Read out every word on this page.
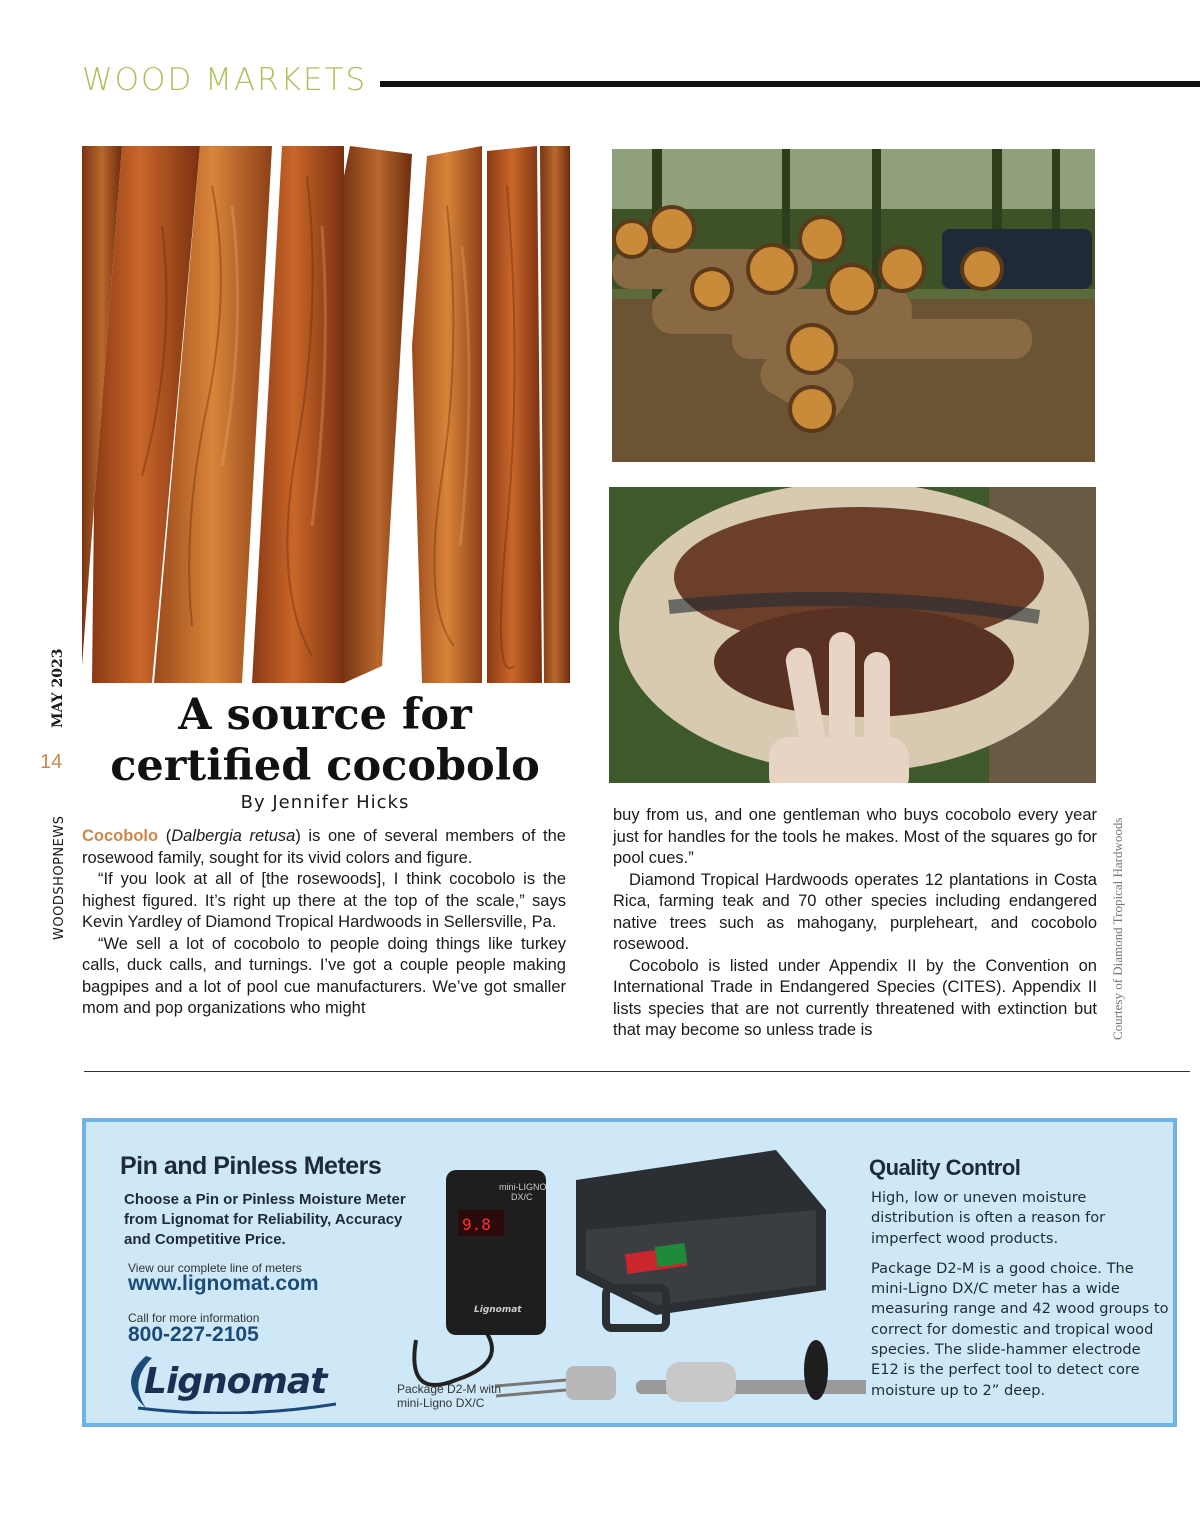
WOOD MARKETS
MAY 2023
14
WOODSHOPNEWS	Courtesy of Diamond Tropical Hardwoods
A source for
certified cocobolo
By Jennifer Hicks

Cocobolo (Dalbergia retusa) is one of several members of the rosewood family, sought for its vivid colors and figure.

“If you look at all of [the rosewoods], I think cocobolo is the highest figured. It’s right up there at the top of the scale,” says Kevin Yardley of Diamond Tropical Hardwoods in Sellersville, Pa.

“We sell a lot of cocobolo to people doing things like turkey calls, duck calls, and turnings. I’ve got a couple people making bagpipes and a lot of pool cue manufacturers. We’ve got smaller mom and pop organizations who might

buy from us, and one gentleman who buys cocobolo every year just for handles for the tools he makes. Most of the squares go for pool cues.”

Diamond Tropical Hardwoods operates 12 plantations in Costa Rica, farming teak and 70 other species including endangered native trees such as mahogany, purpleheart, and cocobolo rosewood.

Cocobolo is listed under Appendix II by the Convention on International Trade in Endangered Species (CITES). Appendix II lists species that are not currently threatened with extinction but that may become so unless trade is

Pin and Pinless Meters
Choose a Pin or Pinless Moisture Meter from Lignomat for Reliability, Accuracy and Competitive Price.
View our complete line of meters
www.lignomat.com
Call for more information
800-227-2105
Lignomat
9.8
mini-LIGNO
DX/C
Lignomat
Package D2-M with
mini-Ligno DX/C
Quality Control

High, low or uneven moisture distribution is often a reason for imperfect wood products.

Package D2-M is a good choice. The mini-Ligno DX/C meter has a wide measuring range and 42 wood groups to correct for domestic and tropical wood species. The slide-hammer electrode E12 is the perfect tool to detect core moisture up to 2” deep.
